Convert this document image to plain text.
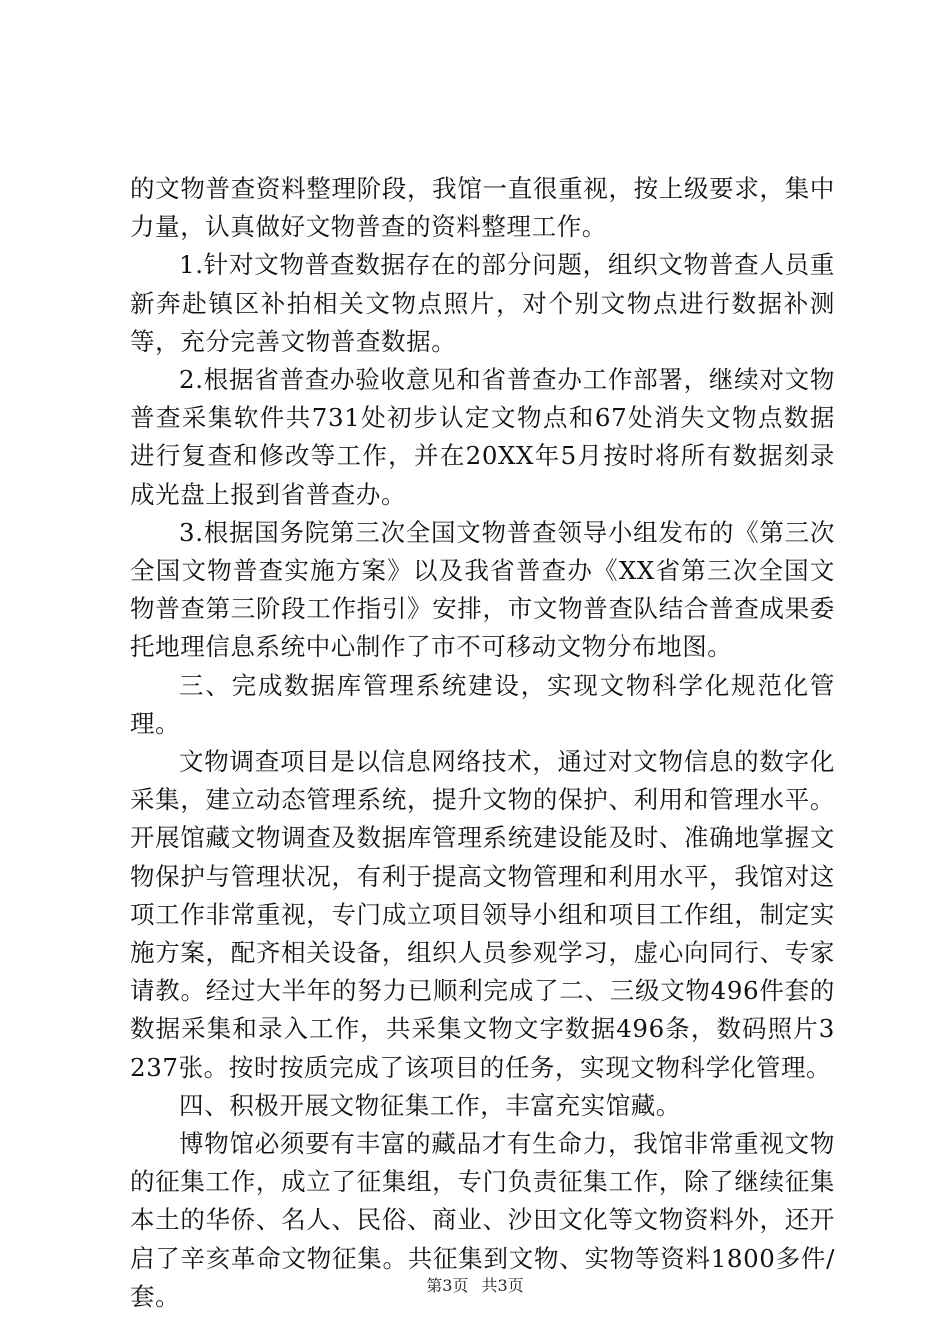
的文物普查资料整理阶段，我馆一直很重视，按上级要求，集中力量，认真做好文物普查的资料整理工作。

1.针对文物普查数据存在的部分问题，组织文物普查人员重新奔赴镇区补拍相关文物点照片，对个别文物点进行数据补测等，充分完善文物普查数据。

2.根据省普查办验收意见和省普查办工作部署，继续对文物普查采集软件共731处初步认定文物点和67处消失文物点数据进行复查和修改等工作，并在20XX年5月按时将所有数据刻录成光盘上报到省普查办。

3.根据国务院第三次全国文物普查领导小组发布的《第三次全国文物普查实施方案》以及我省普查办《XX省第三次全国文物普查第三阶段工作指引》安排，市文物普查队结合普查成果委托地理信息系统中心制作了市不可移动文物分布地图。

三、完成数据库管理系统建设，实现文物科学化规范化管理。

文物调查项目是以信息网络技术，通过对文物信息的数字化采集，建立动态管理系统，提升文物的保护、利用和管理水平。开展馆藏文物调查及数据库管理系统建设能及时、准确地掌握文物保护与管理状况，有利于提高文物管理和利用水平，我馆对这项工作非常重视，专门成立项目领导小组和项目工作组，制定实施方案，配齐相关设备，组织人员参观学习，虚心向同行、专家请教。经过大半年的努力已顺利完成了二、三级文物496件套的数据采集和录入工作，共采集文物文字数据496条，数码照片3237张。按时按质完成了该项目的任务，实现文物科学化管理。

四、积极开展文物征集工作，丰富充实馆藏。

博物馆必须要有丰富的藏品才有生命力，我馆非常重视文物的征集工作，成立了征集组，专门负责征集工作，除了继续征集本土的华侨、名人、民俗、商业、沙田文化等文物资料外，还开启了辛亥革命文物征集。共征集到文物、实物等资料1800多件/套。	第3页 共3页
